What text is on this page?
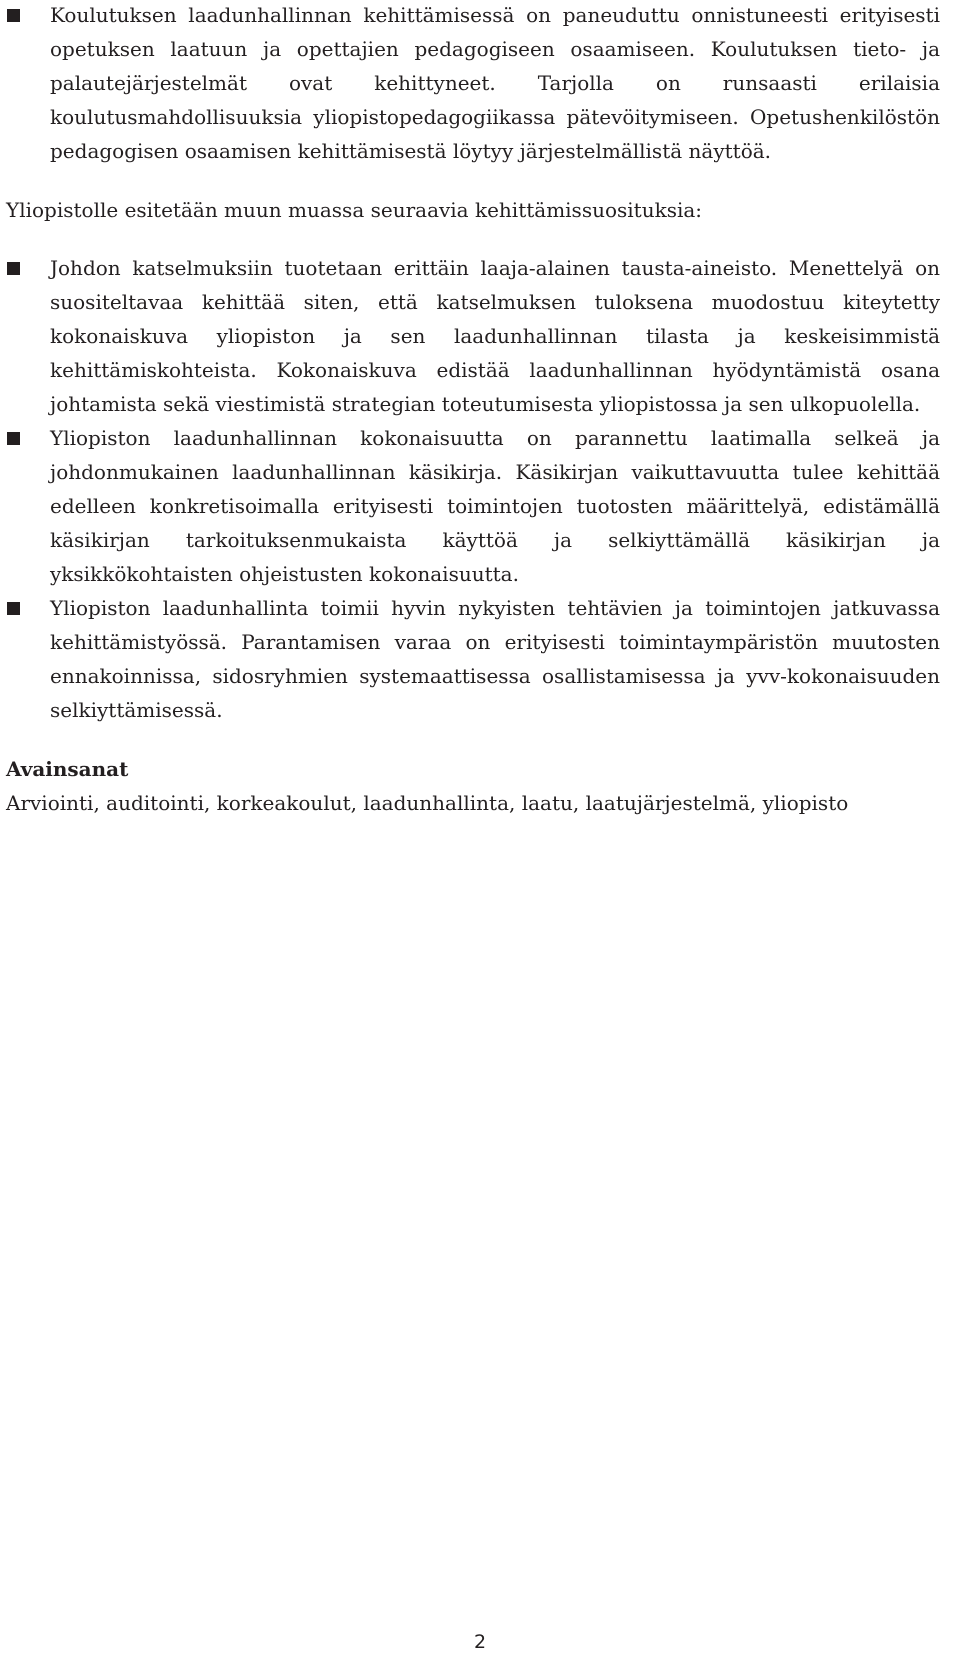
Koulutuksen laadunhallinnan kehittämisessä on paneuduttu onnistuneesti erityisesti opetuksen laatuun ja opettajien pedagogiseen osaamiseen. Koulutuksen tieto- ja palautejärjestelmät ovat kehittyneet. Tarjolla on runsaasti erilaisia koulutusmahdollisuuksia yliopistopedagogiikassa pätevöitymiseen. Opetushenkilöstön pedagogisen osaamisen kehittämisestä löytyy järjestelmällistä näyttöä.

Yliopistolle esitetään muun muassa seuraavia kehittämissuosituksia:

Johdon katselmuksiin tuotetaan erittäin laaja-alainen tausta-aineisto. Menettelyä on suositeltavaa kehittää siten, että katselmuksen tuloksena muodostuu kiteytetty kokonaiskuva yliopiston ja sen laadunhallinnan tilasta ja keskeisimmistä kehittämiskohteista. Kokonaiskuva edistää laadunhallinnan hyödyntämistä osana johtamista sekä viestimistä strategian toteutumisesta yliopistossa ja sen ulkopuolella.
Yliopiston laadunhallinnan kokonaisuutta on parannettu laatimalla selkeä ja johdonmukainen laadunhallinnan käsikirja. Käsikirjan vaikuttavuutta tulee kehittää edelleen konkretisoimalla erityisesti toimintojen tuotosten määrittelyä, edistämällä käsikirjan tarkoituksenmukaista käyttöä ja selkiyttämällä käsikirjan ja yksikkökohtaisten ohjeistusten kokonaisuutta.
Yliopiston laadunhallinta toimii hyvin nykyisten tehtävien ja toimintojen jatkuvassa kehittämistyössä. Parantamisen varaa on erityisesti toimintaympäristön muutosten ennakoinnissa, sidosryhmien systemaattisessa osallistamisessa ja yvv-kokonaisuuden selkiyttämisessä.
Avainsanat
Arviointi, auditointi, korkeakoulut, laadunhallinta, laatu, laatujärjestelmä, yliopisto
2
